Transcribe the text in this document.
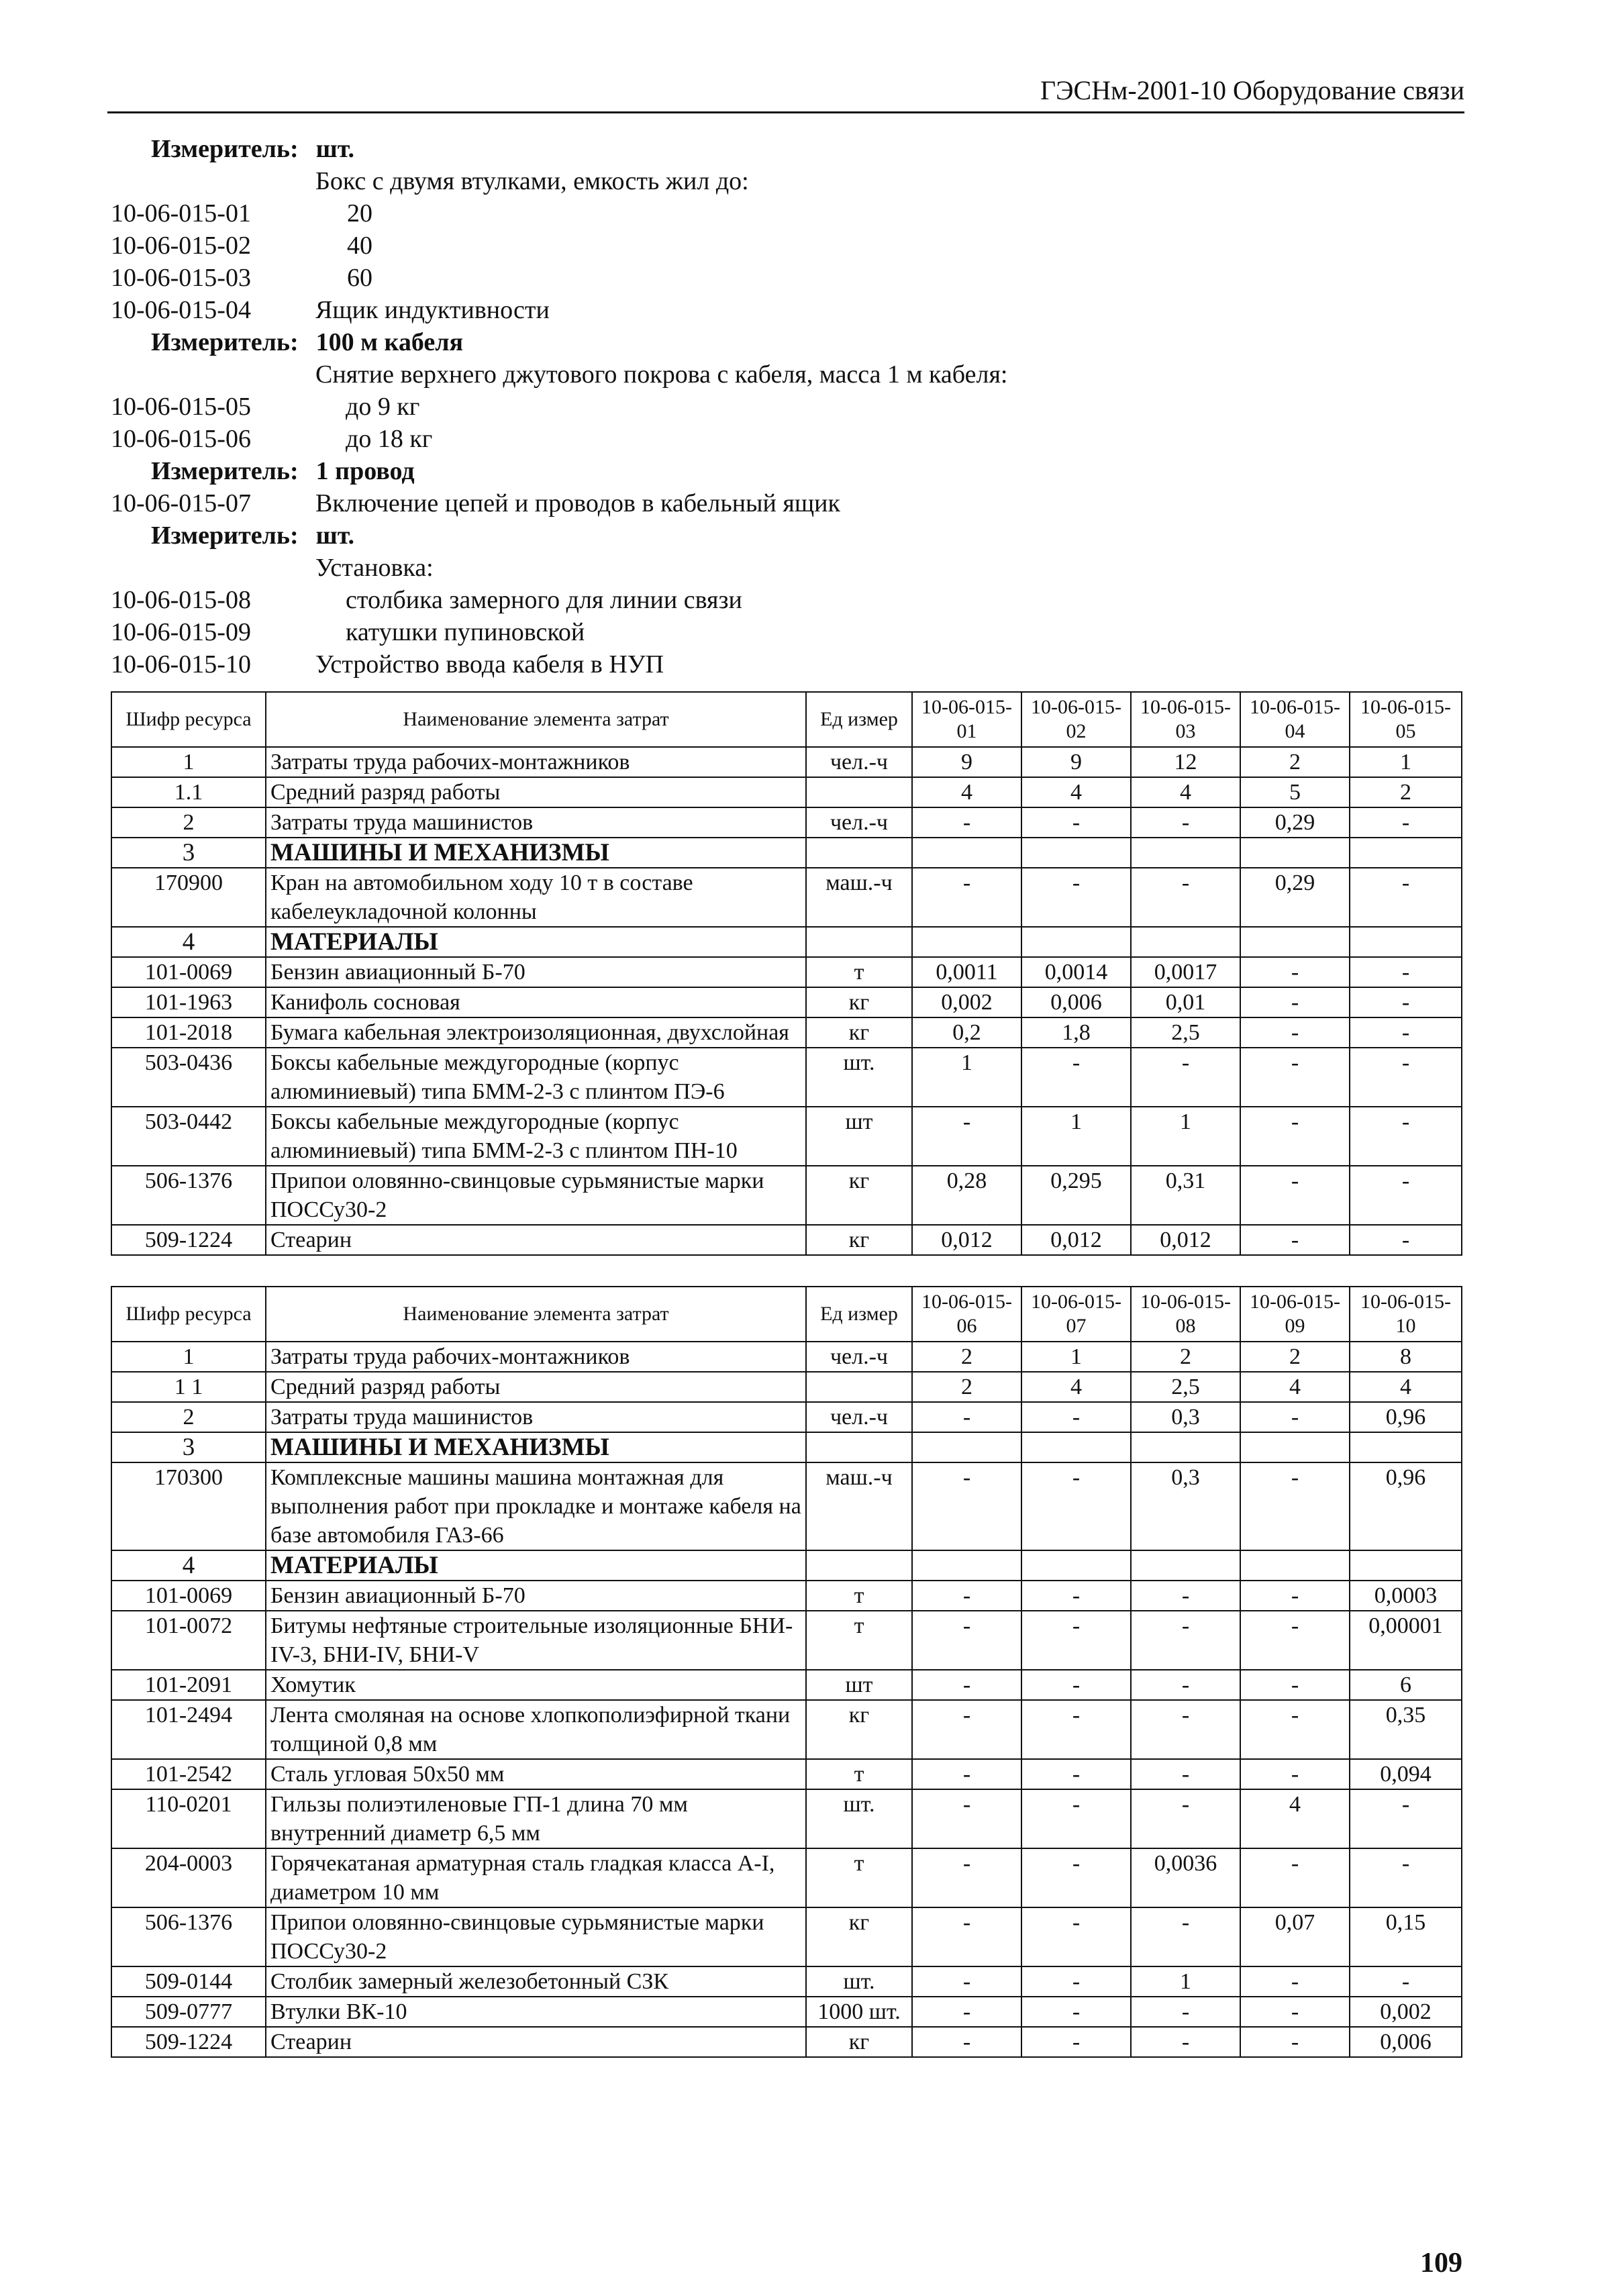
ГЭСНм-2001-10 Оборудование связи
Измеритель: шт.
Бокс с двумя втулками, емкость жил до:
10-06-015-01	20
10-06-015-02	40
10-06-015-03	60
10-06-015-04	Ящик индуктивности
Измеритель: 100 м кабеля
Снятие верхнего джутового покрова с кабеля, масса 1 м кабеля:
10-06-015-05	до 9 кг
10-06-015-06	до 18 кг
Измеритель: 1 провод
10-06-015-07	Включение цепей и проводов в кабельный ящик
Измеритель: шт.
Установка:
10-06-015-08	столбика замерного для линии связи
10-06-015-09	катушки пупиновской
10-06-015-10	Устройство ввода кабеля в НУП
Шифр ресурса	Наименование элемента затрат	Ед измер	10-06-015-01	10-06-015-02	10-06-015-03	10-06-015-04	10-06-015-05
1	Затраты труда рабочих-монтажников	чел.-ч	9	9	12	2	1
1.1	Средний разряд работы		4	4	4	5	2
2	Затраты труда машинистов	чел.-ч	-	-	-	0,29	-
3	МАШИНЫ И МЕХАНИЗМЫ						
170900	Кран на автомобильном ходу 10 т в составе кабелеукладочной колонны	маш.-ч	-	-	-	0,29	-
4	МАТЕРИАЛЫ						
101-0069	Бензин авиационный Б-70	т	0,0011	0,0014	0,0017	-	-
101-1963	Канифоль сосновая	кг	0,002	0,006	0,01	-	-
101-2018	Бумага кабельная электроизоляционная, двухслойная	кг	0,2	1,8	2,5	-	-
503-0436	Боксы кабельные междугородные (корпус алюминиевый) типа БММ-2-3 с плинтом ПЭ-6	шт.	1	-	-	-	-
503-0442	Боксы кабельные междугородные (корпус алюминиевый) типа БММ-2-3 с плинтом ПН-10	шт	-	1	1	-	-
506-1376	Припои оловянно-свинцовые сурьмянистые марки ПОССу30-2	кг	0,28	0,295	0,31	-	-
509-1224	Стеарин	кг	0,012	0,012	0,012	-	-
Шифр ресурса	Наименование элемента затрат	Ед измер	10-06-015-06	10-06-015-07	10-06-015-08	10-06-015-09	10-06-015-10
1	Затраты труда рабочих-монтажников	чел.-ч	2	1	2	2	8
1 1	Средний разряд работы		2	4	2,5	4	4
2	Затраты труда машинистов	чел.-ч	-	-	0,3	-	0,96
3	МАШИНЫ И МЕХАНИЗМЫ						
170300	Комплексные машины машина монтажная для выполнения работ при прокладке и монтаже кабеля на базе автомобиля ГАЗ-66	маш.-ч	-	-	0,3	-	0,96
4	МАТЕРИАЛЫ						
101-0069	Бензин авиационный Б-70	т	-	-	-	-	0,0003
101-0072	Битумы нефтяные строительные изоляционные БНИ-IV-3, БНИ-IV, БНИ-V	т	-	-	-	-	0,00001
101-2091	Хомутик	шт	-	-	-	-	6
101-2494	Лента смоляная на основе хлопкополиэфирной ткани толщиной 0,8 мм	кг	-	-	-	-	0,35
101-2542	Сталь угловая 50х50 мм	т	-	-	-	-	0,094
110-0201	Гильзы полиэтиленовые ГП-1 длина 70 мм внутренний диаметр 6,5 мм	шт.	-	-	-	4	-
204-0003	Горячекатаная арматурная сталь гладкая класса А-I, диаметром 10 мм	т	-	-	0,0036	-	-
506-1376	Припои оловянно-свинцовые сурьмянистые марки ПОССу30-2	кг	-	-	-	0,07	0,15
509-0144	Столбик замерный железобетонный СЗК	шт.	-	-	1	-	-
509-0777	Втулки ВК-10	1000 шт.	-	-	-	-	0,002
509-1224	Стеарин	кг	-	-	-	-	0,006
109
